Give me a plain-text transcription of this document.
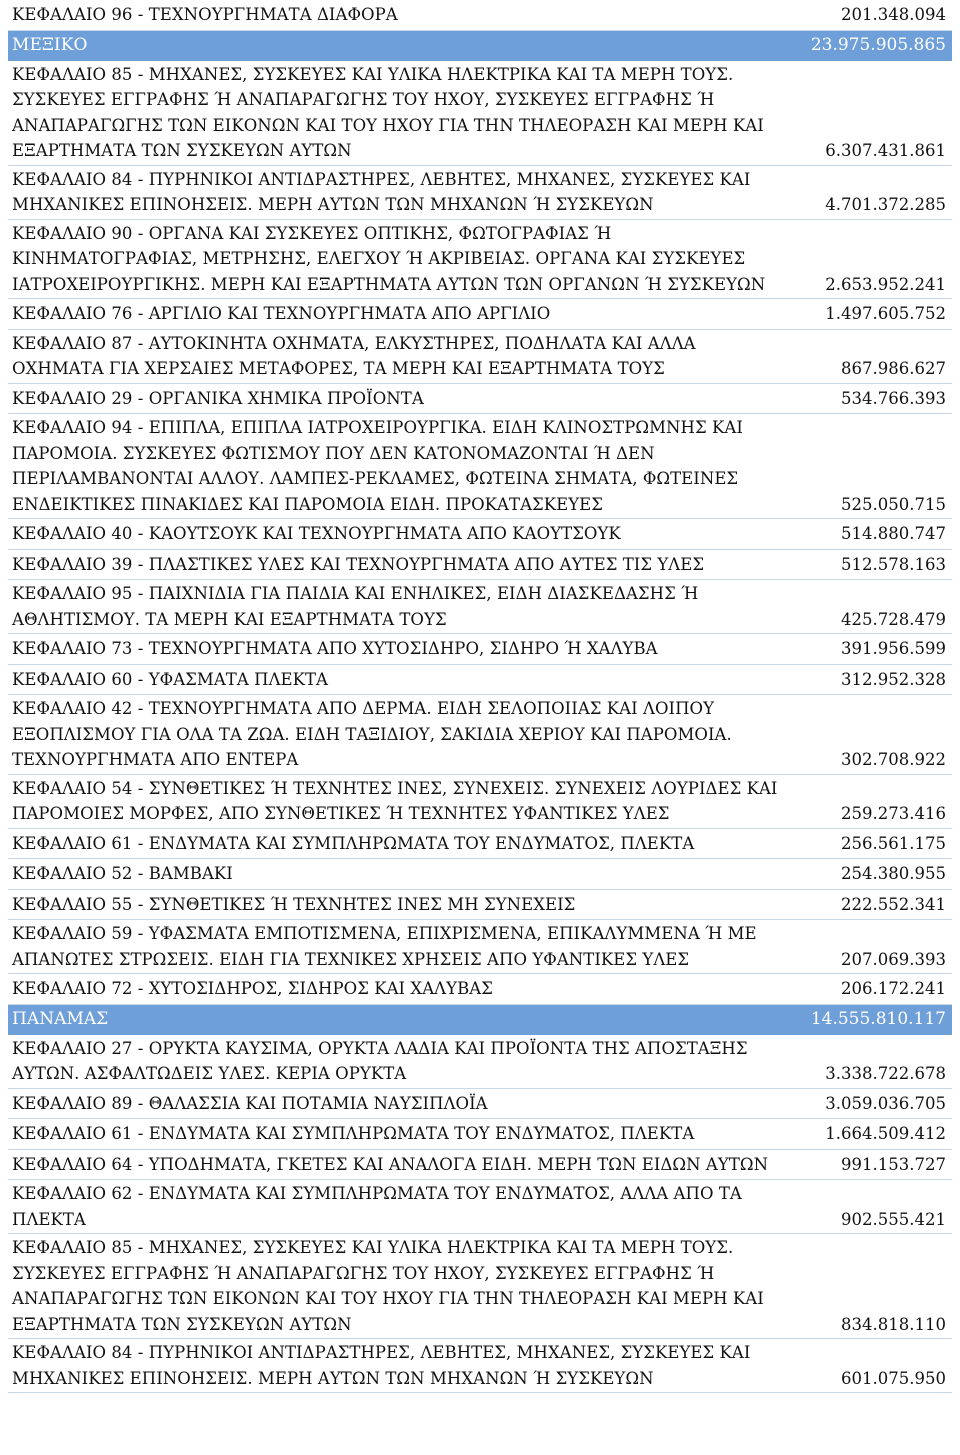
ΚΕΦΑΛΑΙΟ 96 - ΤΕΧΝΟΥΡΓΗΜΑΤΑ ΔΙΑΦΟΡΑ	201.348.094
ΜΕΞΙΚΟ	23.975.905.865
ΚΕΦΑΛΑΙΟ 85 - ΜΗΧΑΝΕΣ, ΣΥΣΚΕΥΕΣ ΚΑΙ ΥΛΙΚΑ ΗΛΕΚΤΡΙΚΑ ΚΑΙ ΤΑ ΜΕΡΗ ΤΟΥΣ. ΣΥΣΚΕΥΕΣ ΕΓΓΡΑΦΗΣ Ή ΑΝΑΠΑΡΑΓΩΓΗΣ ΤΟΥ ΗΧΟΥ, ΣΥΣΚΕΥΕΣ ΕΓΓΡΑΦΗΣ Ή ΑΝΑΠΑΡΑΓΩΓΗΣ ΤΩΝ ΕΙΚΟΝΩΝ ΚΑΙ ΤΟΥ ΗΧΟΥ ΓΙΑ ΤΗΝ ΤΗΛΕΟΡΑΣΗ ΚΑΙ ΜΕΡΗ ΚΑΙ ΕΞΑΡΤΗΜΑΤΑ ΤΩΝ ΣΥΣΚΕΥΩΝ ΑΥΤΩΝ	6.307.431.861
ΚΕΦΑΛΑΙΟ 84 - ΠΥΡΗΝΙΚΟΙ ΑΝΤΙΔΡΑΣΤΗΡΕΣ, ΛΕΒΗΤΕΣ, ΜΗΧΑΝΕΣ, ΣΥΣΚΕΥΕΣ ΚΑΙ ΜΗΧΑΝΙΚΕΣ ΕΠΙΝΟΗΣΕΙΣ. ΜΕΡΗ ΑΥΤΩΝ ΤΩΝ ΜΗΧΑΝΩΝ Ή ΣΥΣΚΕΥΩΝ	4.701.372.285
ΚΕΦΑΛΑΙΟ 90 - ΟΡΓΑΝΑ ΚΑΙ ΣΥΣΚΕΥΕΣ ΟΠΤΙΚΗΣ, ΦΩΤΟΓΡΑΦΙΑΣ Ή ΚΙΝΗΜΑΤΟΓΡΑΦΙΑΣ, ΜΕΤΡΗΣΗΣ, ΕΛΕΓΧΟΥ Ή ΑΚΡΙΒΕΙΑΣ. ΟΡΓΑΝΑ ΚΑΙ ΣΥΣΚΕΥΕΣ ΙΑΤΡΟΧΕΙΡΟΥΡΓΙΚΗΣ. ΜΕΡΗ ΚΑΙ ΕΞΑΡΤΗΜΑΤΑ ΑΥΤΩΝ ΤΩΝ ΟΡΓΑΝΩΝ Ή ΣΥΣΚΕΥΩΝ	2.653.952.241
ΚΕΦΑΛΑΙΟ 76 - ΑΡΓΙΛΙΟ ΚΑΙ ΤΕΧΝΟΥΡΓΗΜΑΤΑ ΑΠΟ ΑΡΓΙΛΙΟ	1.497.605.752
ΚΕΦΑΛΑΙΟ 87 - ΑΥΤΟΚΙΝΗΤΑ ΟΧΗΜΑΤΑ, ΕΛΚΥΣΤΗΡΕΣ, ΠΟΔΗΛΑΤΑ ΚΑΙ ΑΛΛΑ ΟΧΗΜΑΤΑ ΓΙΑ ΧΕΡΣΑΙΕΣ ΜΕΤΑΦΟΡΕΣ, ΤΑ ΜΕΡΗ ΚΑΙ ΕΞΑΡΤΗΜΑΤΑ ΤΟΥΣ	867.986.627
ΚΕΦΑΛΑΙΟ 29 - ΟΡΓΑΝΙΚΑ ΧΗΜΙΚΑ ΠΡΟΪΟΝΤΑ	534.766.393
ΚΕΦΑΛΑΙΟ 94 - ΕΠΙΠΛΑ, ΕΠΙΠΛΑ ΙΑΤΡΟΧΕΙΡΟΥΡΓΙΚΑ. ΕΙΔΗ ΚΛΙΝΟΣΤΡΩΜΝΗΣ ΚΑΙ ΠΑΡΟΜΟΙΑ. ΣΥΣΚΕΥΕΣ ΦΩΤΙΣΜΟΥ ΠΟΥ ΔΕΝ ΚΑΤΟΝΟΜΑΖΟΝΤΑΙ Ή ΔΕΝ ΠΕΡΙΛΑΜΒΑΝΟΝΤΑΙ ΑΛΛΟΥ. ΛΑΜΠΕΣ-ΡΕΚΛΑΜΕΣ, ΦΩΤΕΙΝΑ ΣΗΜΑΤΑ, ΦΩΤΕΙΝΕΣ ΕΝΔΕΙΚΤΙΚΕΣ ΠΙΝΑΚΙΔΕΣ ΚΑΙ ΠΑΡΟΜΟΙΑ ΕΙΔΗ. ΠΡΟΚΑΤΑΣΚΕΥΕΣ	525.050.715
ΚΕΦΑΛΑΙΟ 40 - ΚΑΟΥΤΣΟΥΚ ΚΑΙ ΤΕΧΝΟΥΡΓΗΜΑΤΑ ΑΠΟ ΚΑΟΥΤΣΟΥΚ	514.880.747
ΚΕΦΑΛΑΙΟ 39 - ΠΛΑΣΤΙΚΕΣ ΥΛΕΣ ΚΑΙ ΤΕΧΝΟΥΡΓΗΜΑΤΑ ΑΠΟ ΑΥΤΕΣ ΤΙΣ ΥΛΕΣ	512.578.163
ΚΕΦΑΛΑΙΟ 95 - ΠΑΙΧΝΙΔΙΑ ΓΙΑ ΠΑΙΔΙΑ ΚΑΙ ΕΝΗΛΙΚΕΣ, ΕΙΔΗ ΔΙΑΣΚΕΔΑΣΗΣ Ή ΑΘΛΗΤΙΣΜΟΥ. ΤΑ ΜΕΡΗ ΚΑΙ ΕΞΑΡΤΗΜΑΤΑ ΤΟΥΣ	425.728.479
ΚΕΦΑΛΑΙΟ 73 - ΤΕΧΝΟΥΡΓΗΜΑΤΑ ΑΠΟ ΧΥΤΟΣΙΔΗΡΟ, ΣΙΔΗΡΟ Ή ΧΑΛΥΒΑ	391.956.599
ΚΕΦΑΛΑΙΟ 60 - ΥΦΑΣΜΑΤΑ ΠΛΕΚΤΑ	312.952.328
ΚΕΦΑΛΑΙΟ 42 - ΤΕΧΝΟΥΡΓΗΜΑΤΑ ΑΠΟ ΔΕΡΜΑ. ΕΙΔΗ ΣΕΛΟΠΟΙΙΑΣ ΚΑΙ ΛΟΙΠΟΥ ΕΞΟΠΛΙΣΜΟΥ ΓΙΑ ΟΛΑ ΤΑ ΖΩΑ. ΕΙΔΗ ΤΑΞΙΔΙΟΥ, ΣΑΚΙΔΙΑ ΧΕΡΙΟΥ ΚΑΙ ΠΑΡΟΜΟΙΑ. ΤΕΧΝΟΥΡΓΗΜΑΤΑ ΑΠΟ ΕΝΤΕΡΑ	302.708.922
ΚΕΦΑΛΑΙΟ 54 - ΣΥΝΘΕΤΙΚΕΣ Ή ΤΕΧΝΗΤΕΣ ΙΝΕΣ, ΣΥΝΕΧΕΙΣ. ΣΥΝΕΧΕΙΣ ΛΟΥΡΙΔΕΣ ΚΑΙ ΠΑΡΟΜΟΙΕΣ ΜΟΡΦΕΣ, ΑΠΟ ΣΥΝΘΕΤΙΚΕΣ Ή ΤΕΧΝΗΤΕΣ ΥΦΑΝΤΙΚΕΣ ΥΛΕΣ	259.273.416
ΚΕΦΑΛΑΙΟ 61 - ΕΝΔΥΜΑΤΑ ΚΑΙ ΣΥΜΠΛΗΡΩΜΑΤΑ ΤΟΥ ΕΝΔΥΜΑΤΟΣ, ΠΛΕΚΤΑ	256.561.175
ΚΕΦΑΛΑΙΟ 52 - ΒΑΜΒΑΚΙ	254.380.955
ΚΕΦΑΛΑΙΟ 55 - ΣΥΝΘΕΤΙΚΕΣ Ή ΤΕΧΝΗΤΕΣ ΙΝΕΣ ΜΗ ΣΥΝΕΧΕΙΣ	222.552.341
ΚΕΦΑΛΑΙΟ 59 - ΥΦΑΣΜΑΤΑ ΕΜΠΟΤΙΣΜΕΝΑ, ΕΠΙΧΡΙΣΜΕΝΑ, ΕΠΙΚΑΛΥΜΜΕΝΑ Ή ΜΕ ΑΠΑΝΩΤΕΣ ΣΤΡΩΣΕΙΣ. ΕΙΔΗ ΓΙΑ ΤΕΧΝΙΚΕΣ ΧΡΗΣΕΙΣ ΑΠΟ ΥΦΑΝΤΙΚΕΣ ΥΛΕΣ	207.069.393
ΚΕΦΑΛΑΙΟ 72 - ΧΥΤΟΣΙΔΗΡΟΣ, ΣΙΔΗΡΟΣ ΚΑΙ ΧΑΛΥΒΑΣ	206.172.241
ΠΑΝΑΜΑΣ	14.555.810.117
ΚΕΦΑΛΑΙΟ 27 - ΟΡΥΚΤΑ ΚΑΥΣΙΜΑ, ΟΡΥΚΤΑ ΛΑΔΙΑ ΚΑΙ ΠΡΟΪΟΝΤΑ ΤΗΣ ΑΠΟΣΤΑΞΗΣ ΑΥΤΩΝ. ΑΣΦΑΛΤΩΔΕΙΣ ΥΛΕΣ. ΚΕΡΙΑ ΟΡΥΚΤΑ	3.338.722.678
ΚΕΦΑΛΑΙΟ 89 - ΘΑΛΑΣΣΙΑ ΚΑΙ ΠΟΤΑΜΙΑ ΝΑΥΣΙΠΛΟΪΑ	3.059.036.705
ΚΕΦΑΛΑΙΟ 61 - ΕΝΔΥΜΑΤΑ ΚΑΙ ΣΥΜΠΛΗΡΩΜΑΤΑ ΤΟΥ ΕΝΔΥΜΑΤΟΣ, ΠΛΕΚΤΑ	1.664.509.412
ΚΕΦΑΛΑΙΟ 64 - ΥΠΟΔΗΜΑΤΑ, ΓΚΕΤΕΣ ΚΑΙ ΑΝΑΛΟΓΑ ΕΙΔΗ. ΜΕΡΗ ΤΩΝ ΕΙΔΩΝ ΑΥΤΩΝ	991.153.727
ΚΕΦΑΛΑΙΟ 62 - ΕΝΔΥΜΑΤΑ ΚΑΙ ΣΥΜΠΛΗΡΩΜΑΤΑ ΤΟΥ ΕΝΔΥΜΑΤΟΣ, ΑΛΛΑ ΑΠΟ ΤΑ ΠΛΕΚΤΑ	902.555.421
ΚΕΦΑΛΑΙΟ 85 - ΜΗΧΑΝΕΣ, ΣΥΣΚΕΥΕΣ ΚΑΙ ΥΛΙΚΑ ΗΛΕΚΤΡΙΚΑ ΚΑΙ ΤΑ ΜΕΡΗ ΤΟΥΣ. ΣΥΣΚΕΥΕΣ ΕΓΓΡΑΦΗΣ Ή ΑΝΑΠΑΡΑΓΩΓΗΣ ΤΟΥ ΗΧΟΥ, ΣΥΣΚΕΥΕΣ ΕΓΓΡΑΦΗΣ Ή ΑΝΑΠΑΡΑΓΩΓΗΣ ΤΩΝ ΕΙΚΟΝΩΝ ΚΑΙ ΤΟΥ ΗΧΟΥ ΓΙΑ ΤΗΝ ΤΗΛΕΟΡΑΣΗ ΚΑΙ ΜΕΡΗ ΚΑΙ ΕΞΑΡΤΗΜΑΤΑ ΤΩΝ ΣΥΣΚΕΥΩΝ ΑΥΤΩΝ	834.818.110
ΚΕΦΑΛΑΙΟ 84 - ΠΥΡΗΝΙΚΟΙ ΑΝΤΙΔΡΑΣΤΗΡΕΣ, ΛΕΒΗΤΕΣ, ΜΗΧΑΝΕΣ, ΣΥΣΚΕΥΕΣ ΚΑΙ ΜΗΧΑΝΙΚΕΣ ΕΠΙΝΟΗΣΕΙΣ. ΜΕΡΗ ΑΥΤΩΝ ΤΩΝ ΜΗΧΑΝΩΝ Ή ΣΥΣΚΕΥΩΝ	601.075.950
